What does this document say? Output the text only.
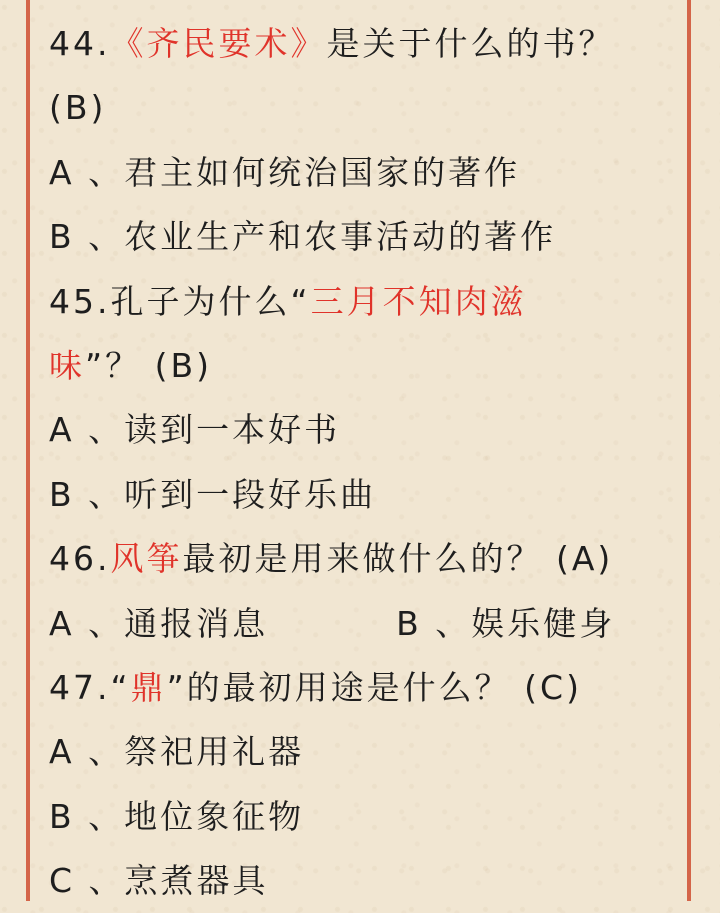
44.《齐民要术》是关于什么的书？
(B)
A 、君主如何统治国家的著作
B 、农业生产和农事活动的著作
45.孔子为什么“三月不知肉滋
味”？ (B)
A 、读到一本好书
B 、听到一段好乐曲
46.风筝最初是用来做什么的？ (A)
A 、通报消息	B 、娱乐健身
47.“鼎”的最初用途是什么？ (C)
A 、祭祀用礼器
B 、地位象征物
C 、烹煮器具
